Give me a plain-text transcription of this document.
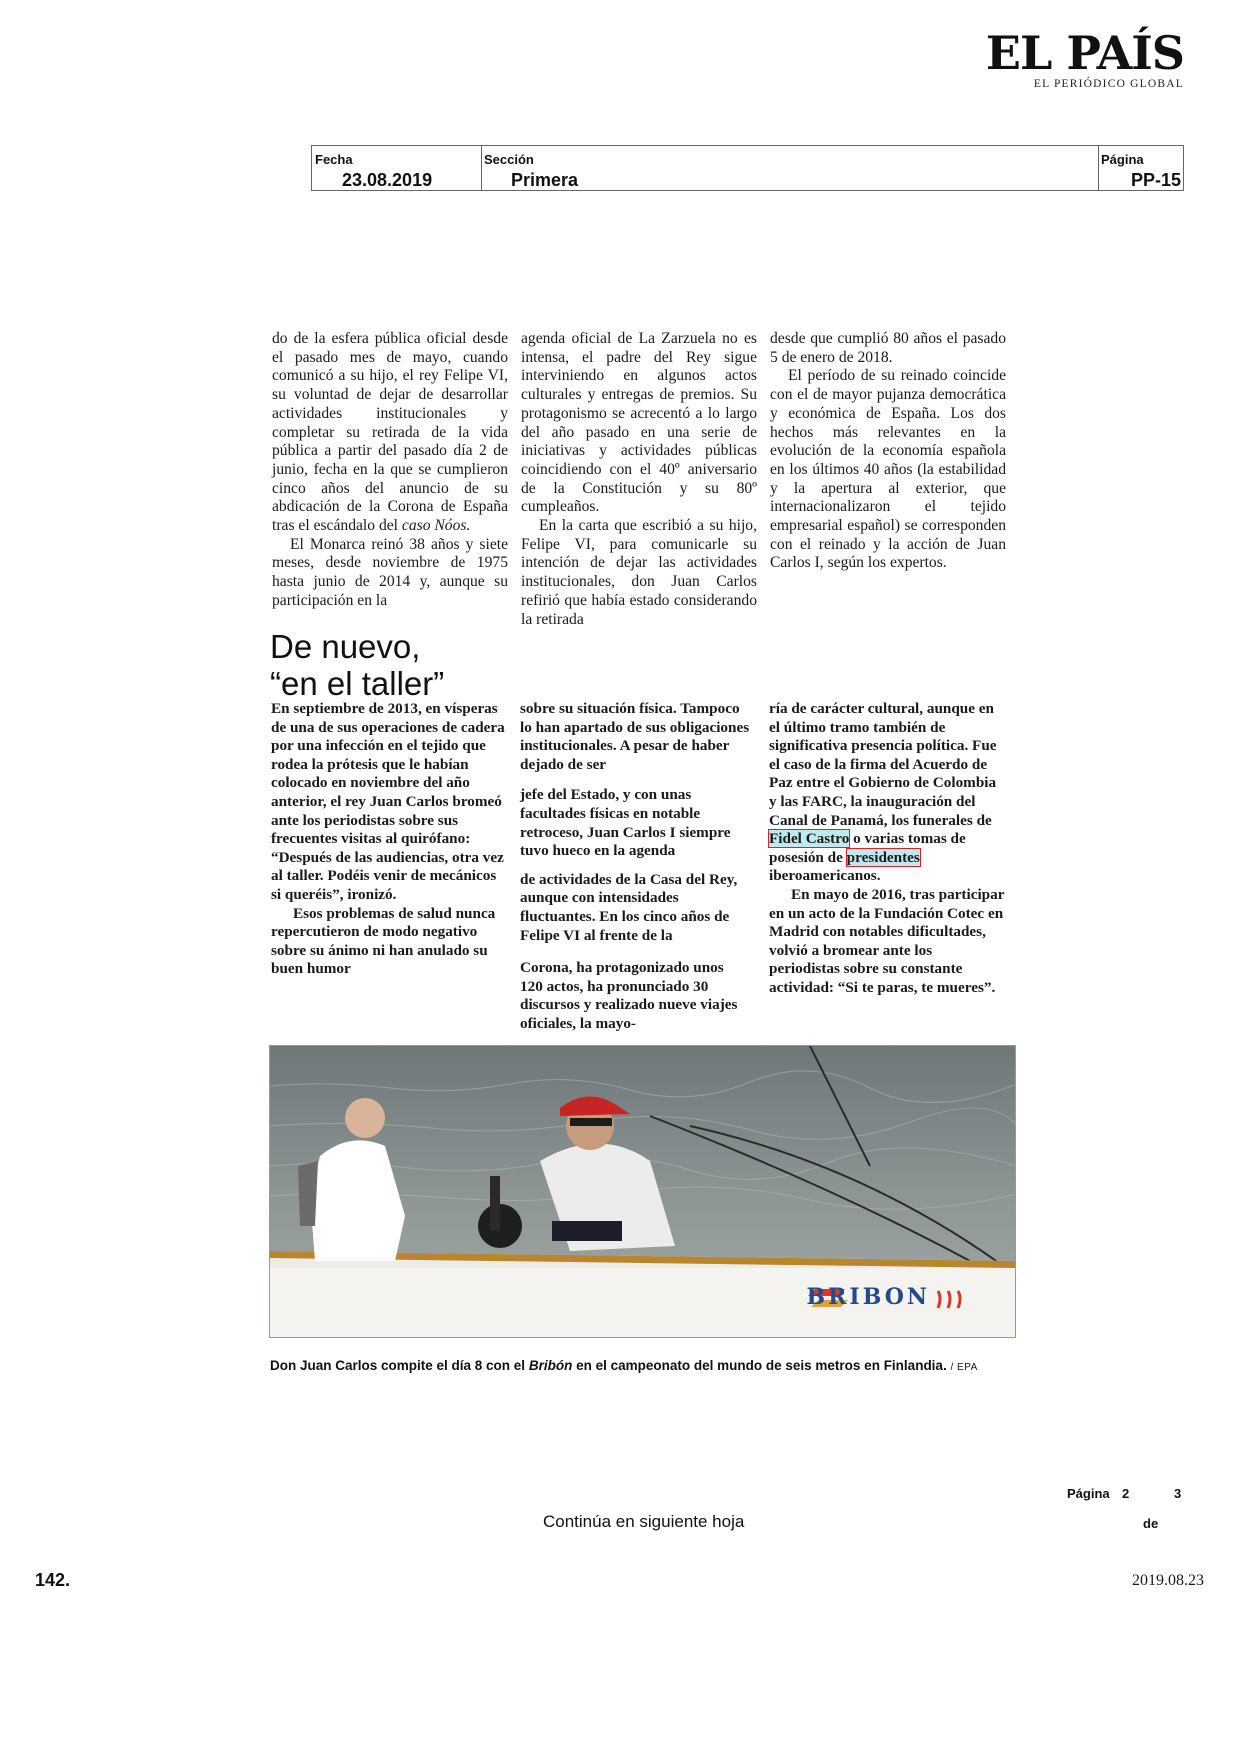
EL PAÍS
EL PERIÓDICO GLOBAL
Fecha
23.08.2019
Sección
Primera
Página
PP-15

do de la esfera pública oficial desde el pasado mes de mayo, cuando comunicó a su hijo, el rey Felipe VI, su voluntad de dejar de desarrollar actividades institucionales y completar su retirada de la vida pública a partir del pasado día 2 de junio, fecha en la que se cumplieron cinco años del anuncio de su abdicación de la Corona de España tras el escándalo del caso Nóos.

El Monarca reinó 38 años y siete meses, desde noviembre de 1975 hasta junio de 2014 y, aunque su participación en la

agenda oficial de La Zarzuela no es intensa, el padre del Rey sigue interviniendo en algunos actos culturales y entregas de premios. Su protagonismo se acrecentó a lo largo del año pasado en una serie de iniciativas y actividades públicas coincidiendo con el 40º aniversario de la Constitución y su 80º cumpleaños.

En la carta que escribió a su hijo, Felipe VI, para comunicarle su intención de dejar las actividades institucionales, don Juan Carlos refirió que había estado considerando la retirada

desde que cumplió 80 años el pasado 5 de enero de 2018.

El período de su reinado coincide con el de mayor pujanza democrática y económica de España. Los dos hechos más relevantes en la evolución de la economía española en los últimos 40 años (la estabilidad y la apertura al exterior, que internacionalizaron el tejido empresarial español) se corresponden con el reinado y la acción de Juan Carlos I, según los expertos.

De nuevo,
“en el taller”

En septiembre de 2013, en vísperas de una de sus operaciones de cadera por una infección en el tejido que rodea la prótesis que le habían colocado en noviembre del año anterior, el rey Juan Carlos bromeó ante los periodistas sobre sus frecuentes visitas al quirófano: “Después de las audiencias, otra vez al taller. Podéis venir de mecánicos si queréis”, ironizó.

Esos problemas de salud nunca repercutieron de modo negativo sobre su ánimo ni han anulado su buen humor

sobre su situación física. Tampoco lo han apartado de sus obligaciones institucionales. A pesar de haber dejado de ser

jefe del Estado, y con unas facultades físicas en notable retroceso, Juan Carlos I siempre tuvo hueco en la agenda

de actividades de la Casa del Rey, aunque con intensidades fluctuantes. En los cinco años de Felipe VI al frente de la

Corona, ha protagonizado unos 120 actos, ha pronunciado 30 discursos y realizado nueve viajes oficiales, la mayo-

ría de carácter cultural, aunque en el último tramo también de significativa presencia política. Fue el caso de la firma del Acuerdo de Paz entre el Gobierno de Colombia y las FARC, la inauguración del Canal de Panamá, los funerales de Fidel Castro o varias tomas de posesión de presidentes iberoamericanos.

En mayo de 2016, tras participar en un acto de la Fundación Cotec en Madrid con notables dificultades, volvió a bromear ante los periodistas sobre su constante actividad: “Si te paras, te mueres”.

BRIBON
Don Juan Carlos compite el día 8 con el Bribón en el campeonato del mundo de seis metros en Finlandia. / EPA
Página 2	3
de
Continúa en siguiente hoja
142.	2019.08.23
